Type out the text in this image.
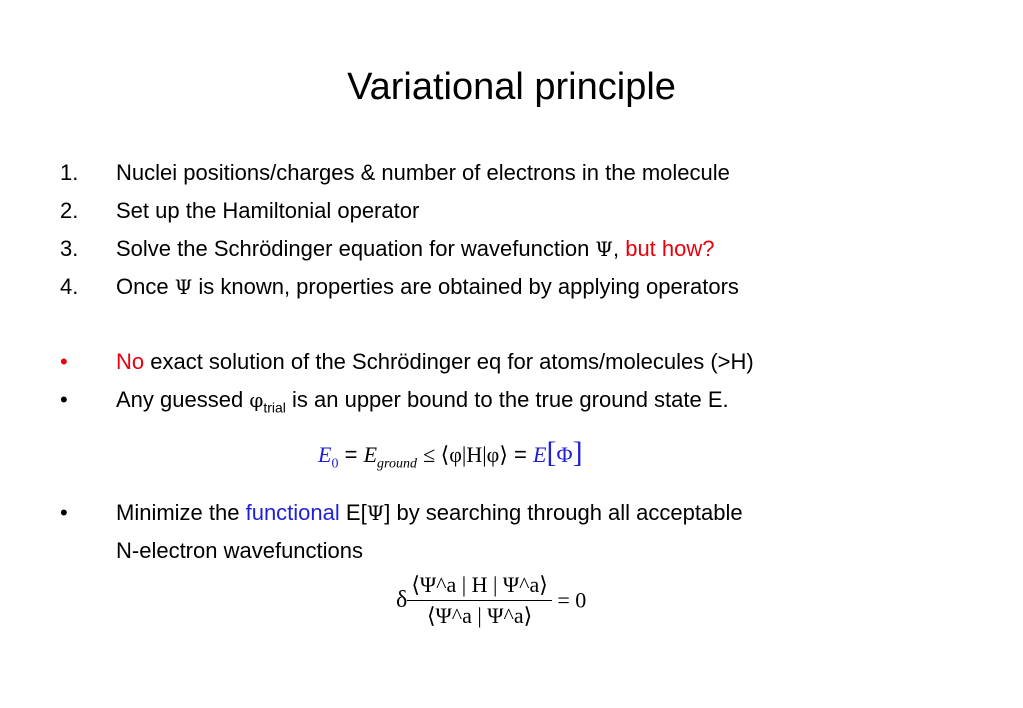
Variational principle
1. Nuclei positions/charges & number of electrons in the molecule
2. Set up the Hamiltonial operator
3. Solve the Schrödinger equation for wavefunction Ψ, but how?
4. Once Ψ is known, properties are obtained by applying operators
• No exact solution of the Schrödinger eq for atoms/molecules (>H)
• Any guessed $\varphi_{trial}$ is an upper bound to the true ground state E.
$E_0 = E_{ground}$ ≤ ⟨φ|H|φ⟩ = E[Φ]
• Minimize the functional E[Ψ] by searching through all acceptable
N-electron wavefunctions
δ $\frac{⟨\Psi\^{}a | H | \Psi\^{}a⟩}{⟨\Psi\^{}a | \Psi\^{}a⟩} = 0$
